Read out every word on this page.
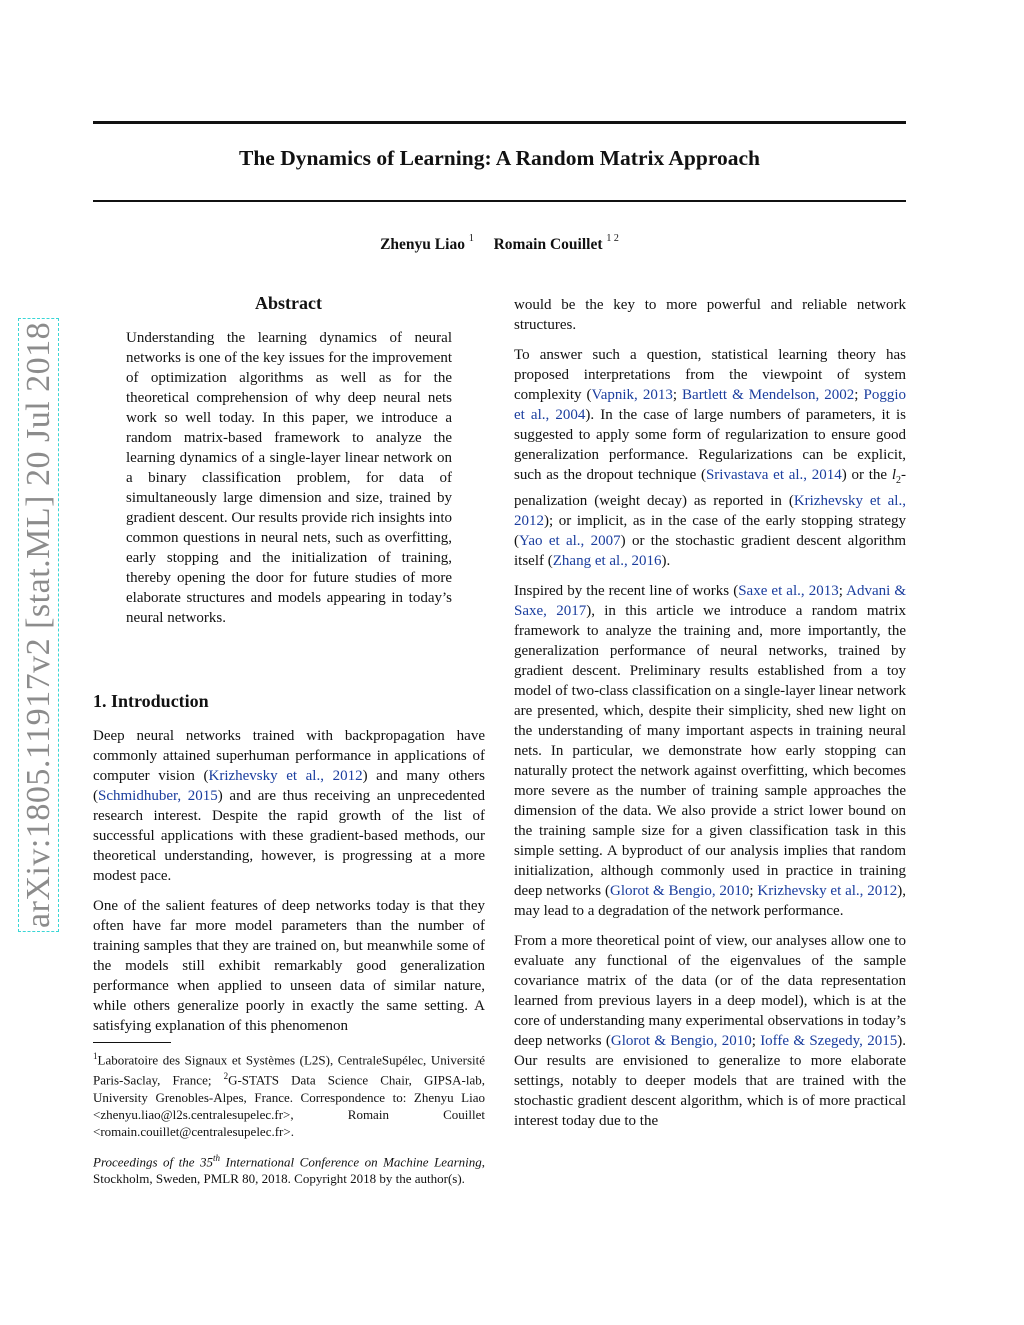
The Dynamics of Learning: A Random Matrix Approach
Zhenyu Liao $^1$ Romain Couillet $^{1 2}$
arXiv:1805.11917v2 [stat.ML] 20 Jul 2018
Abstract

Understanding the learning dynamics of neural networks is one of the key issues for the improvement of optimization algorithms as well as for the theoretical comprehension of why deep neural nets work so well today. In this paper, we introduce a random matrix-based framework to analyze the learning dynamics of a single-layer linear network on a binary classification problem, for data of simultaneously large dimension and size, trained by gradient descent. Our results provide rich insights into common questions in neural nets, such as overfitting, early stopping and the initialization of training, thereby opening the door for future studies of more elaborate structures and models appearing in today’s neural networks.

1. Introduction

Deep neural networks trained with backpropagation have commonly attained superhuman performance in applications of computer vision (Krizhevsky et al., 2012) and many others (Schmidhuber, 2015) and are thus receiving an unprecedented research interest. Despite the rapid growth of the list of successful applications with these gradient-based methods, our theoretical understanding, however, is progressing at a more modest pace.

One of the salient features of deep networks today is that they often have far more model parameters than the number of training samples that they are trained on, but meanwhile some of the models still exhibit remarkably good generalization performance when applied to unseen data of similar nature, while others generalize poorly in exactly the same setting. A satisfying explanation of this phenomenon

$^1$Laboratoire des Signaux et Systèmes (L2S), CentraleSupélec, Université Paris-Saclay, France; $^2$G-STATS Data Science Chair, GIPSA-lab, University Grenobles-Alpes, France. Correspondence to: Zhenyu Liao <zhenyu.liao@l2s.centralesupelec.fr>, Romain Couillet <romain.couillet@centralesupelec.fr>.

Proceedings of the 35th International Conference on Machine Learning, Stockholm, Sweden, PMLR 80, 2018. Copyright 2018 by the author(s).

would be the key to more powerful and reliable network structures.

To answer such a question, statistical learning theory has proposed interpretations from the viewpoint of system complexity (Vapnik, 2013; Bartlett & Mendelson, 2002; Poggio et al., 2004). In the case of large numbers of parameters, it is suggested to apply some form of regularization to ensure good generalization performance. Regularizations can be explicit, such as the dropout technique (Srivastava et al., 2014) or the $l_2$-penalization (weight decay) as reported in (Krizhevsky et al., 2012); or implicit, as in the case of the early stopping strategy (Yao et al., 2007) or the stochastic gradient descent algorithm itself (Zhang et al., 2016).

Inspired by the recent line of works (Saxe et al., 2013; Advani & Saxe, 2017), in this article we introduce a random matrix framework to analyze the training and, more importantly, the generalization performance of neural networks, trained by gradient descent. Preliminary results established from a toy model of two-class classification on a single-layer linear network are presented, which, despite their simplicity, shed new light on the understanding of many important aspects in training neural nets. In particular, we demonstrate how early stopping can naturally protect the network against overfitting, which becomes more severe as the number of training sample approaches the dimension of the data. We also provide a strict lower bound on the training sample size for a given classification task in this simple setting. A byproduct of our analysis implies that random initialization, although commonly used in practice in training deep networks (Glorot & Bengio, 2010; Krizhevsky et al., 2012), may lead to a degradation of the network performance.

From a more theoretical point of view, our analyses allow one to evaluate any functional of the eigenvalues of the sample covariance matrix of the data (or of the data representation learned from previous layers in a deep model), which is at the core of understanding many experimental observations in today’s deep networks (Glorot & Bengio, 2010; Ioffe & Szegedy, 2015). Our results are envisioned to generalize to more elaborate settings, notably to deeper models that are trained with the stochastic gradient descent algorithm, which is of more practical interest today due to the
